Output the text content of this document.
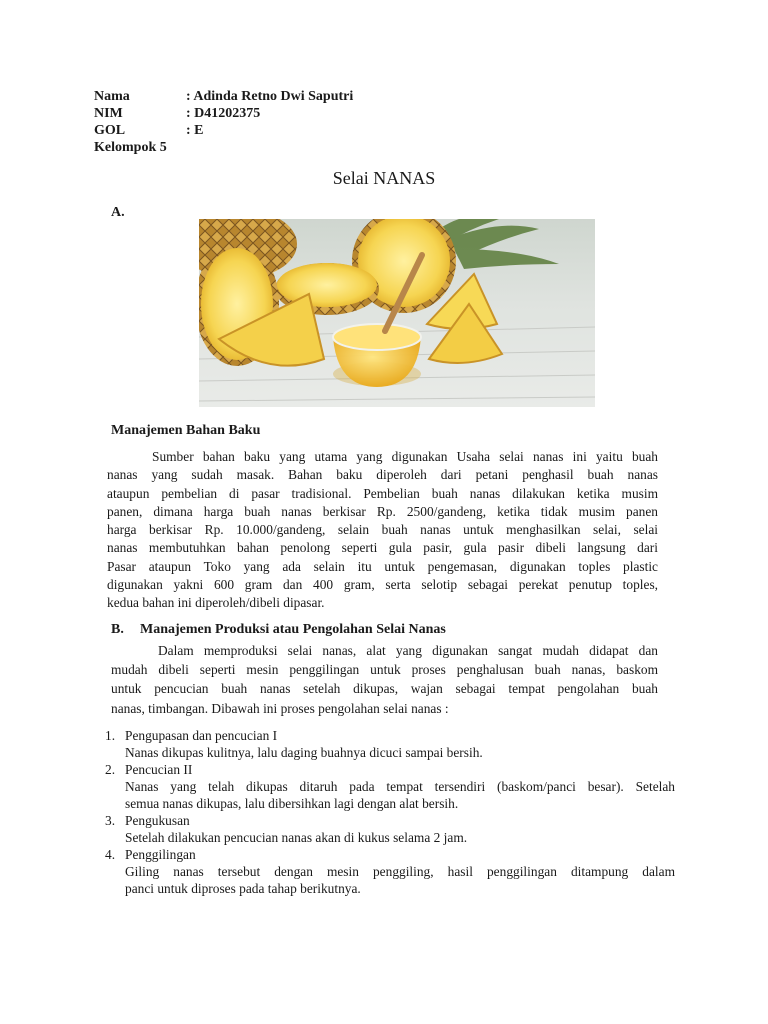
Nama	: Adinda Retno Dwi Saputri
NIM	: D41202375
GOL	: E
Kelompok 5
Selai NANAS
A.
Manajemen Bahan Baku
Sumber bahan baku yang utama yang digunakan Usaha selai nanas ini yaitu buah
nanas yang sudah masak. Bahan baku diperoleh dari petani penghasil buah nanas
ataupun pembelian di pasar tradisional. Pembelian buah nanas dilakukan ketika musim
panen, dimana harga buah nanas berkisar Rp. 2500/gandeng, ketika tidak musim panen
harga berkisar Rp. 10.000/gandeng, selain buah nanas untuk menghasilkan selai, selai
nanas membutuhkan bahan penolong seperti gula pasir, gula pasir dibeli langsung dari
Pasar ataupun Toko yang ada selain itu untuk pengemasan, digunakan toples plastic
digunakan yakni 600 gram dan 400 gram, serta selotip sebagai perekat penutup toples,
kedua bahan ini diperoleh/dibeli dipasar.
B. Manajemen Produksi atau Pengolahan Selai Nanas
Dalam memproduksi selai nanas, alat yang digunakan sangat mudah didapat dan
mudah dibeli seperti mesin penggilingan untuk proses penghalusan buah nanas, baskom
untuk pencucian buah nanas setelah dikupas, wajan sebagai tempat pengolahan buah
nanas, timbangan. Dibawah ini proses pengolahan selai nanas :
1. Pengupasan dan pencucian I
Nanas dikupas kulitnya, lalu daging buahnya dicuci sampai bersih.
2. Pencucian II
Nanas yang telah dikupas ditaruh pada tempat tersendiri (baskom/panci besar). Setelah
semua nanas dikupas, lalu dibersihkan lagi dengan alat bersih.
3. Pengukusan
Setelah dilakukan pencucian nanas akan di kukus selama 2 jam.
4. Penggilingan
Giling nanas tersebut dengan mesin penggiling, hasil penggilingan ditampung dalam
panci untuk diproses pada tahap berikutnya.
